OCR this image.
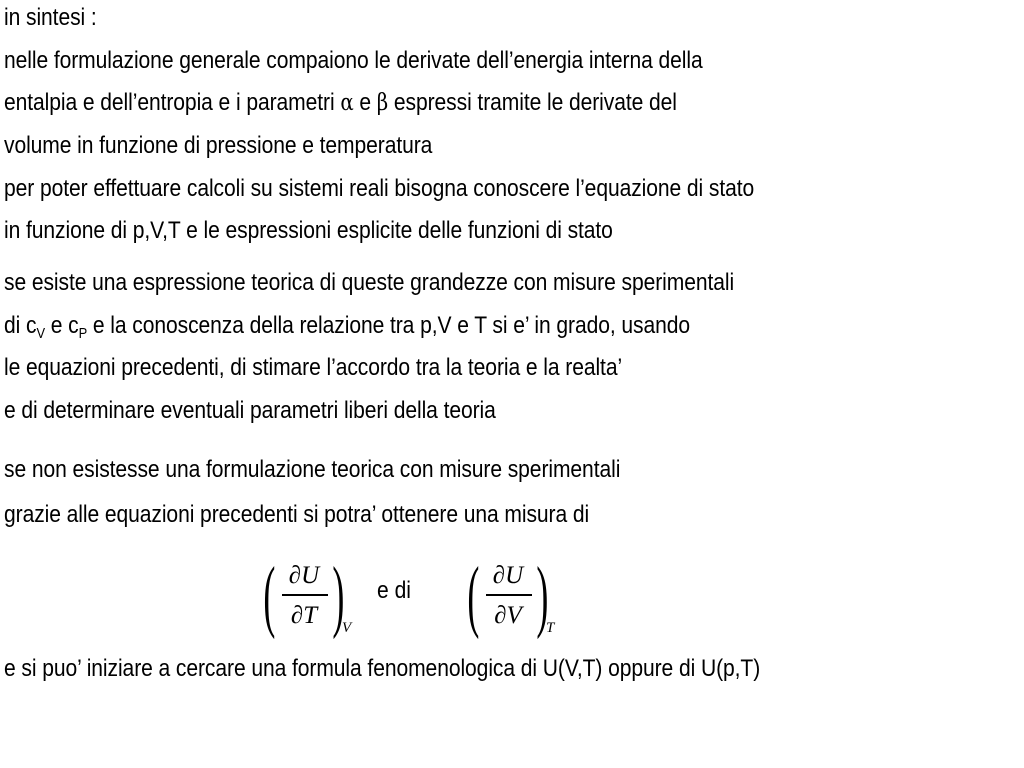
in sintesi :
nelle formulazione generale compaiono le derivate dell’energia interna della
entalpia e dell’entropia e i parametri α e β espressi tramite le derivate del
volume in funzione di pressione e temperatura
per poter effettuare calcoli su sistemi reali bisogna conoscere l’equazione di stato
in funzione di p,V,T e le espressioni esplicite delle funzioni di stato
se esiste una espressione teorica di queste grandezze con misure sperimentali
di $c_V$ e $c_P$ e la conoscenza della relazione tra p,V e T si e’ in grado, usando
le equazioni precedenti, di stimare l’accordo tra la teoria e la realta’
e di determinare eventuali parametri liberi della teoria
se non esistesse una formulazione teorica con misure sperimentali
grazie alle equazioni precedenti si potra’ ottenere una misura di
( ∂U
∂T )
V
e di ( ∂U
∂V )
T
e si puo’ iniziare a cercare una formula fenomenologica di U(V,T) oppure di U(p,T)
